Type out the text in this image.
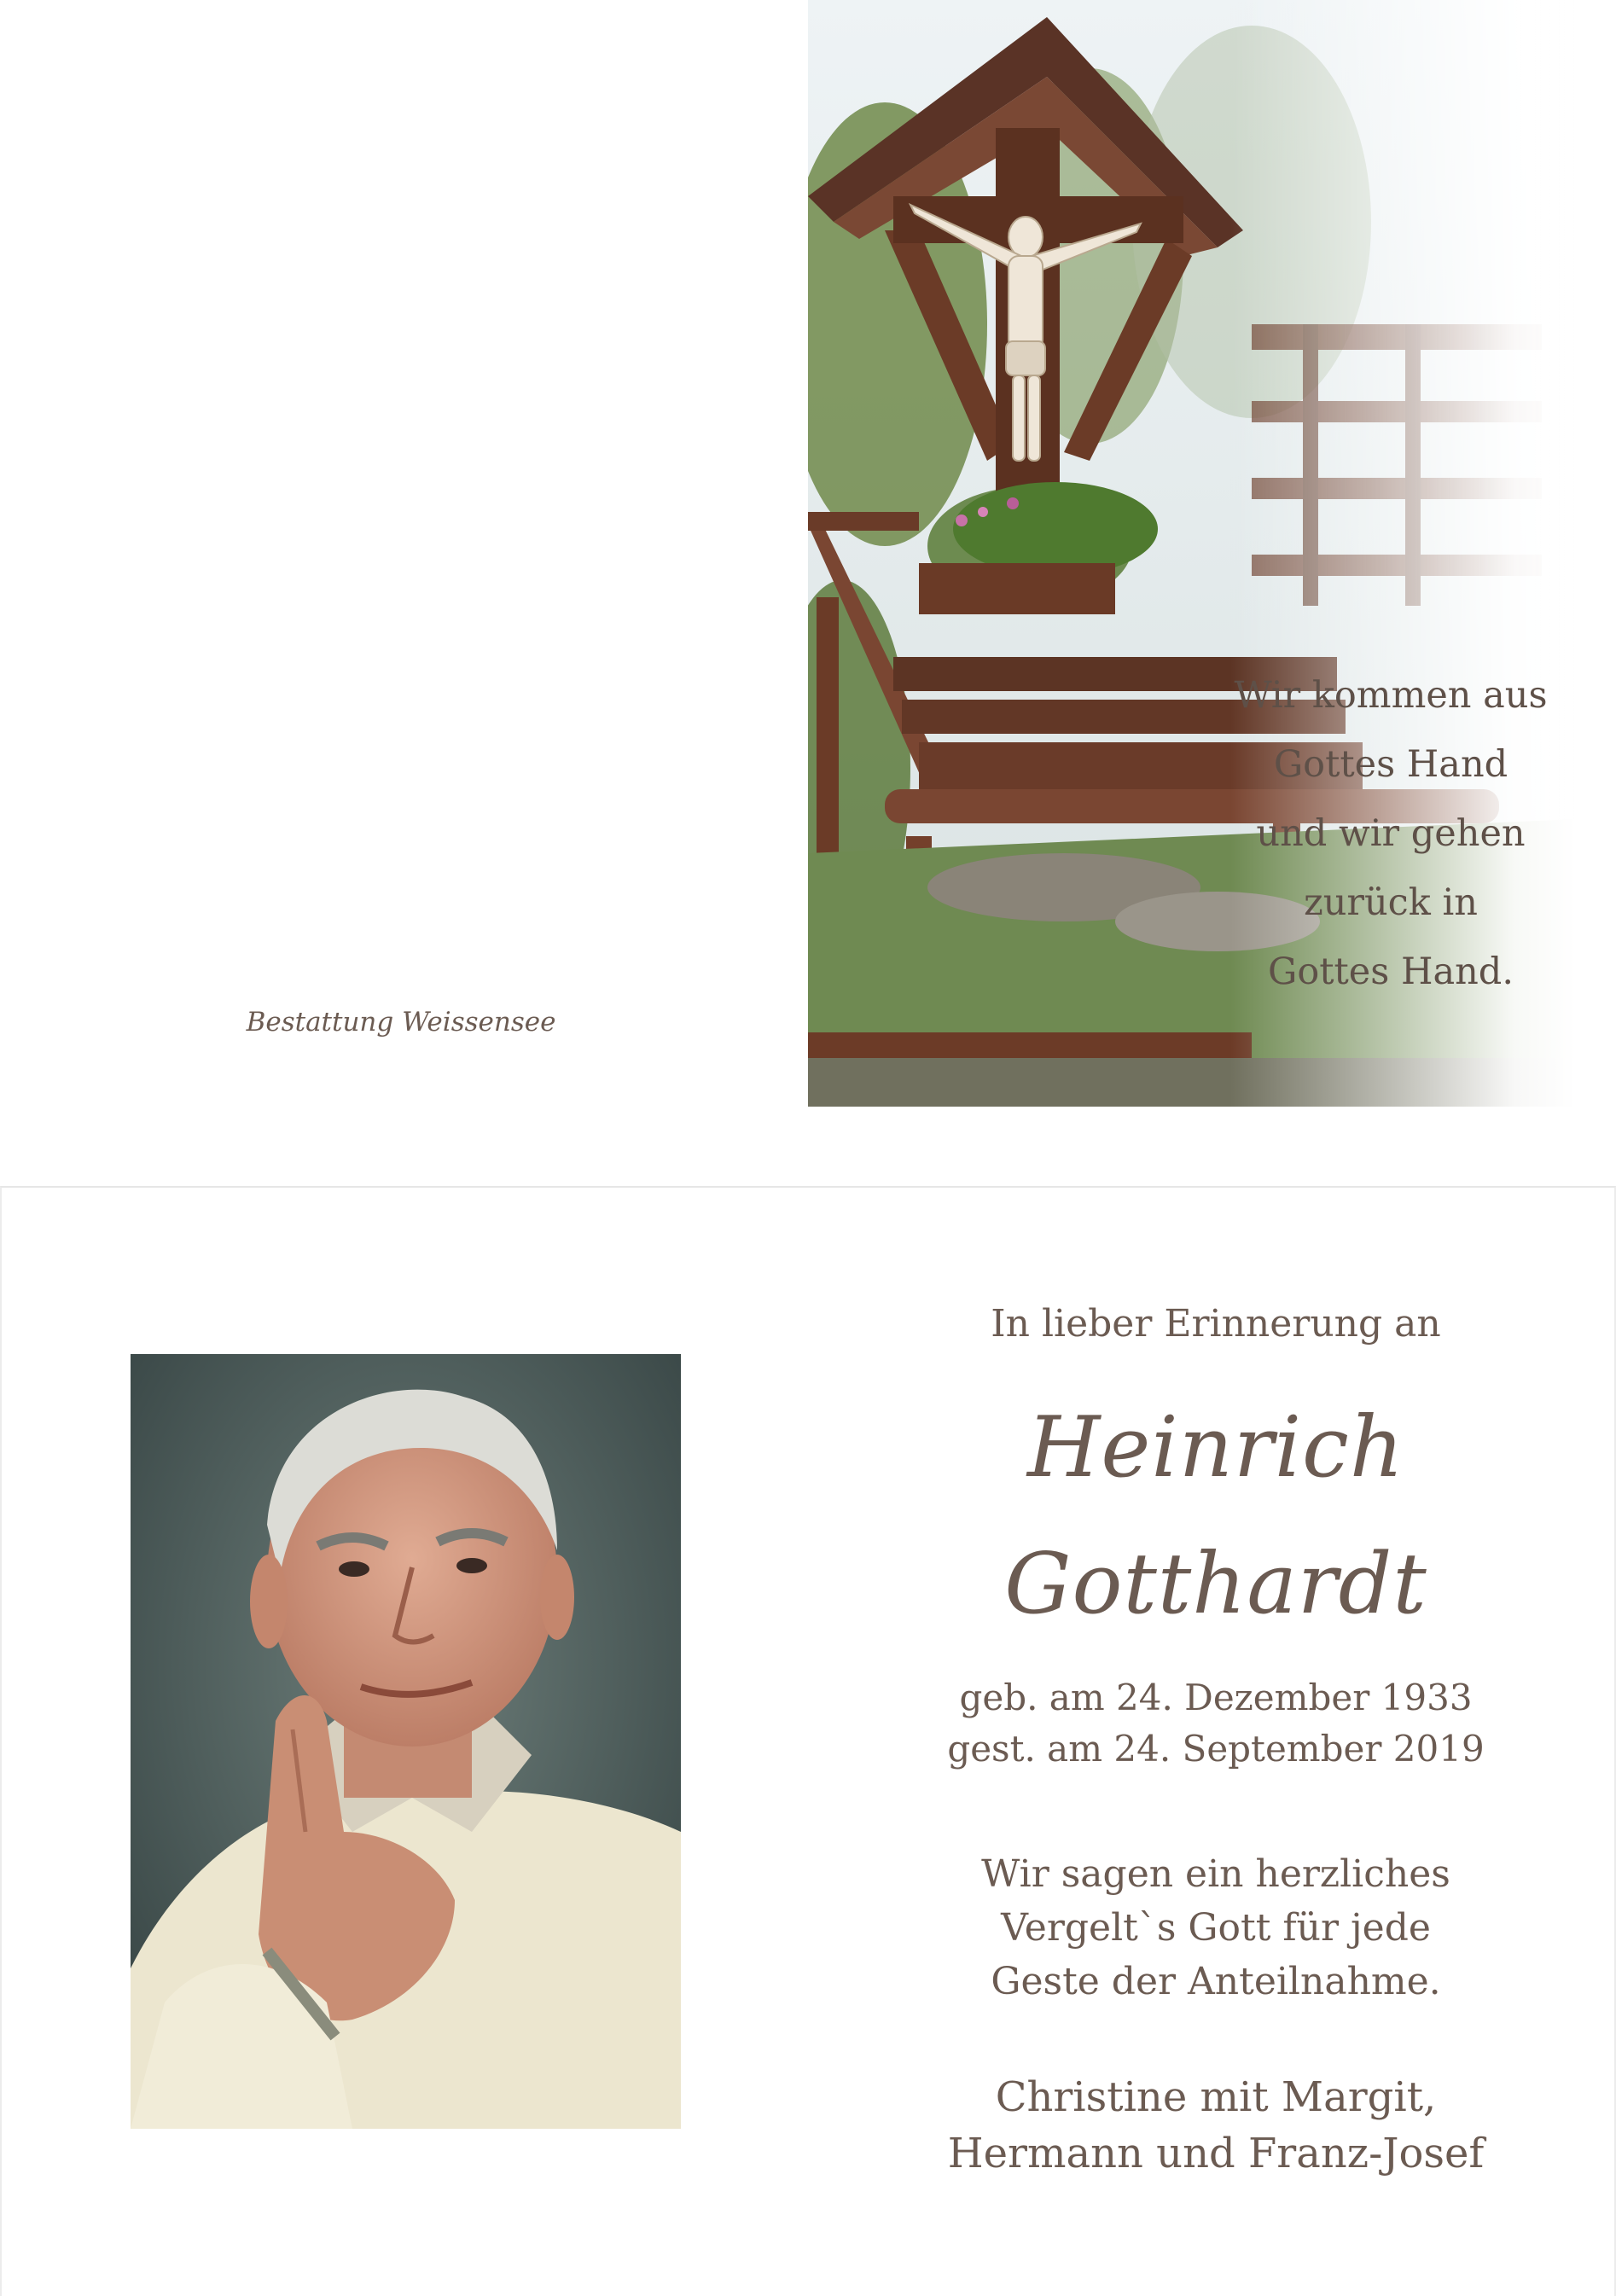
Bestattung Weissensee
Wir kommen aus
Gottes Hand
und wir gehen
zurück in
Gottes Hand.
In lieber Erinnerung an
Heinrich
Gotthardt
geb. am 24. Dezember 1933
gest. am 24. September 2019
Wir sagen ein herzliches
Vergelt`s Gott für jede
Geste der Anteilnahme.
Christine mit Margit,
Hermann und Franz-Josef
